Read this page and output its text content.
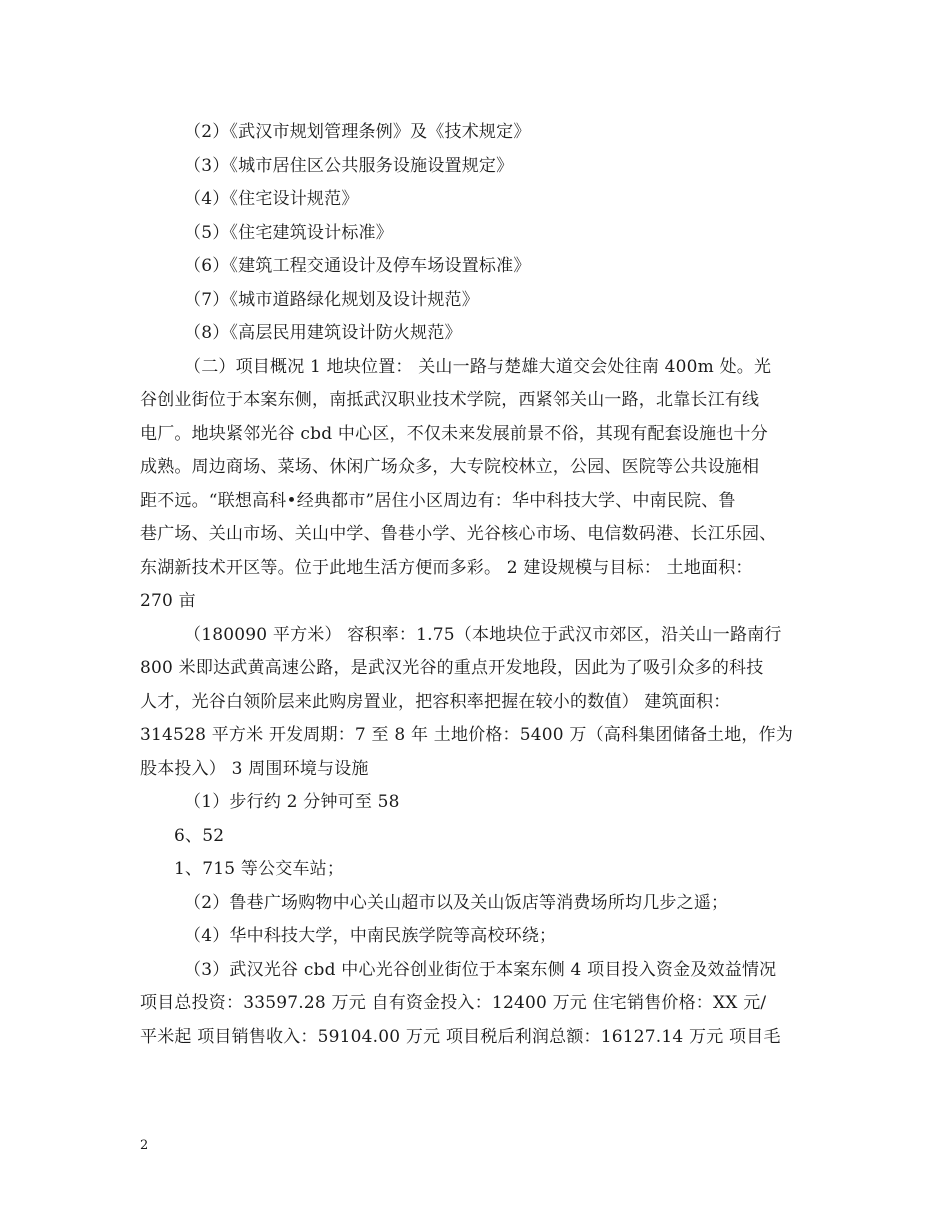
（2）《武汉市规划管理条例》及《技术规定》
（3）《城市居住区公共服务设施设置规定》
（4）《住宅设计规范》
（5）《住宅建筑设计标准》
（6）《建筑工程交通设计及停车场设置标准》
（7）《城市道路绿化规划及设计规范》
（8）《高层民用建筑设计防火规范》
（二）项目概况 1 地块位置： 关山一路与楚雄大道交会处往南 400m 处。光
谷创业街位于本案东侧，南抵武汉职业技术学院，西紧邻关山一路，北靠长江有线
电厂。地块紧邻光谷 cbd 中心区，不仅未来发展前景不俗，其现有配套设施也十分
成熟。周边商场、菜场、休闲广场众多，大专院校林立，公园、医院等公共设施相
距不远。“联想高科•经典都市”居住小区周边有：华中科技大学、中南民院、鲁
巷广场、关山市场、关山中学、鲁巷小学、光谷核心市场、电信数码港、长江乐园、
东湖新技术开区等。位于此地生活方便而多彩。 2 建设规模与目标： 土地面积：
270 亩
（180090 平方米） 容积率：1.75（本地块位于武汉市郊区，沿关山一路南行
800 米即达武黄高速公路，是武汉光谷的重点开发地段，因此为了吸引众多的科技
人才，光谷白领阶层来此购房置业，把容积率把握在较小的数值） 建筑面积：
314528 平方米 开发周期：7 至 8 年 土地价格：5400 万（高科集团储备土地，作为
股本投入） 3 周围环境与设施
（1）步行约 2 分钟可至 58
6、52
1、715 等公交车站；
（2）鲁巷广场购物中心关山超市以及关山饭店等消费场所均几步之遥；
（4）华中科技大学，中南民族学院等高校环绕；
（3）武汉光谷 cbd 中心光谷创业街位于本案东侧 4 项目投入资金及效益情况
项目总投资：33597.28 万元 自有资金投入：12400 万元 住宅销售价格：XX 元/
平米起 项目销售收入：59104.00 万元 项目税后利润总额：16127.14 万元 项目毛
2
